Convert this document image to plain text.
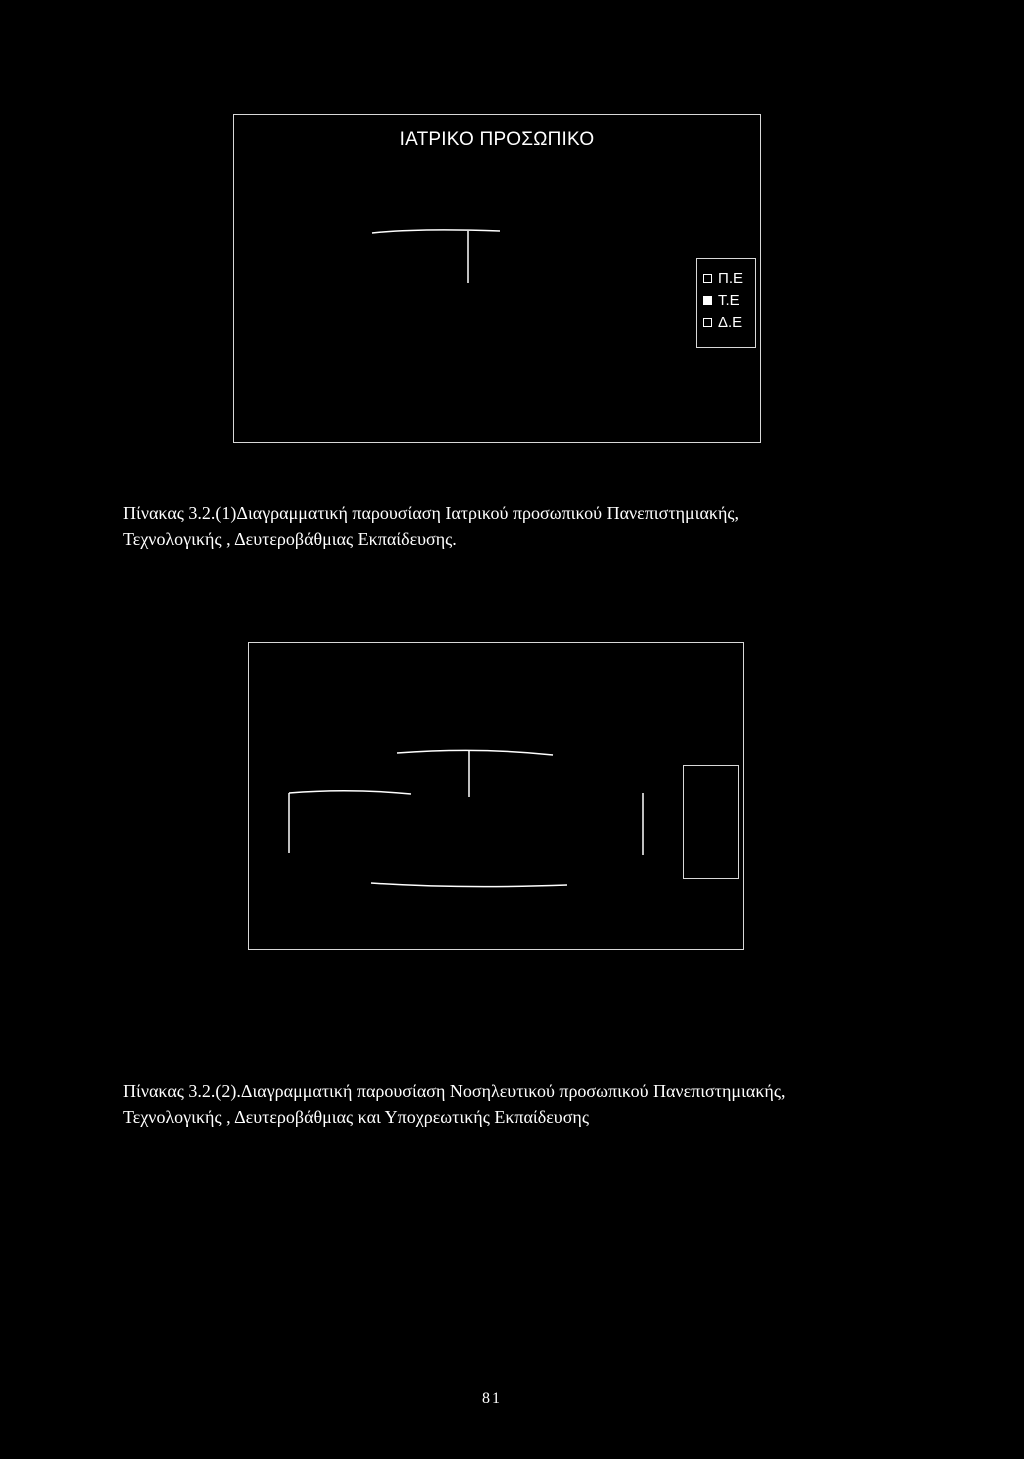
ΙΑΤΡΙΚΟ ΠΡΟΣΩΠΙΚΟ
Π.Ε
Τ.Ε
Δ.Ε

Πίνακας 3.2.(1)Διαγραμματική παρουσίαση Ιατρικού προσωπικού Πανεπιστημιακής,

Τεχνολογικής , Δευτεροβάθμιας Εκπαίδευσης.

Πίνακας 3.2.(2).Διαγραμματική παρουσίαση Νοσηλευτικού προσωπικού Πανεπιστημιακής,

Τεχνολογικής , Δευτεροβάθμιας και Υποχρεωτικής Εκπαίδευσης

81
